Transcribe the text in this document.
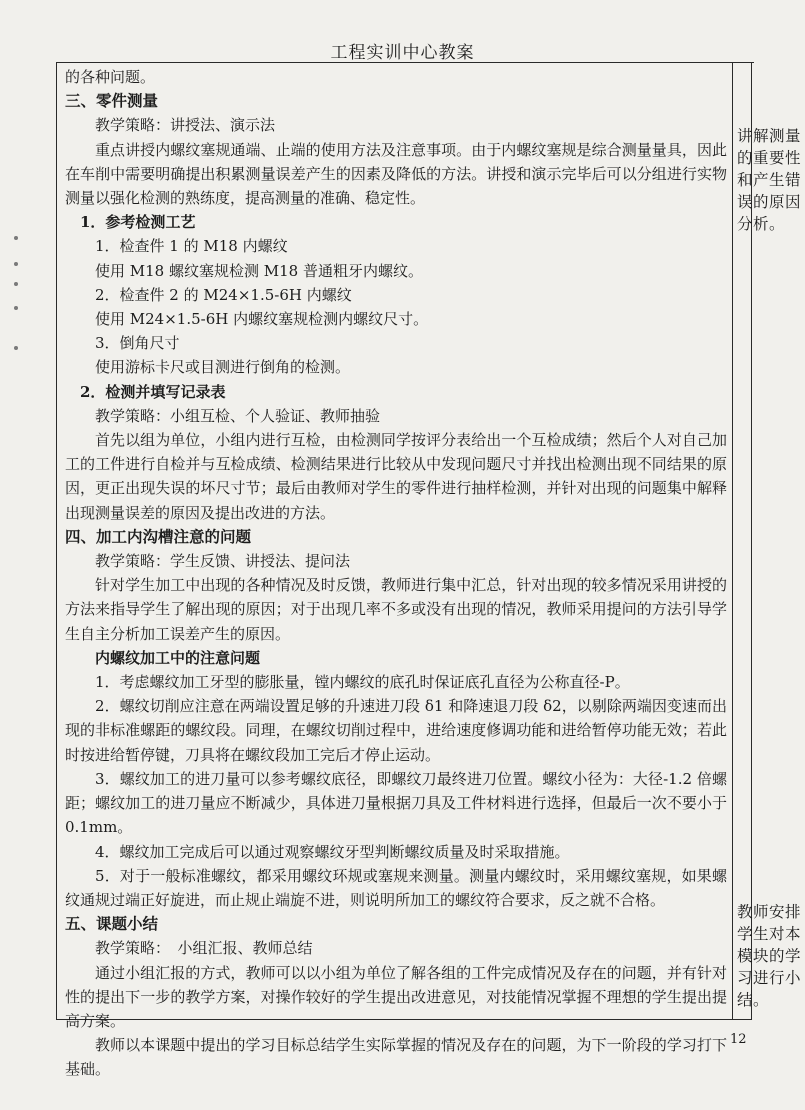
工程实训中心教案

的各种问题。

三、零件测量

教学策略：讲授法、演示法

重点讲授内螺纹塞规通端、止端的使用方法及注意事项。由于内螺纹塞规是综合测量量具，因此在车削中需要明确提出积累测量误差产生的因素及降低的方法。讲授和演示完毕后可以分组进行实物测量以强化检测的熟练度，提高测量的准确、稳定性。

1．参考检测工艺

1．检查件 1 的 M18 内螺纹

使用 M18 螺纹塞规检测 M18 普通粗牙内螺纹。

2．检查件 2 的 M24×1.5-6H 内螺纹

使用 M24×1.5-6H 内螺纹塞规检测内螺纹尺寸。

3．倒角尺寸

使用游标卡尺或目测进行倒角的检测。

2．检测并填写记录表

教学策略：小组互检、个人验证、教师抽验

首先以组为单位，小组内进行互检，由检测同学按评分表给出一个互检成绩；然后个人对自己加工的工件进行自检并与互检成绩、检测结果进行比较从中发现问题尺寸并找出检测出现不同结果的原因，更正出现失误的坏尺寸节；最后由教师对学生的零件进行抽样检测，并针对出现的问题集中解释出现测量误差的原因及提出改进的方法。

四、加工内沟槽注意的问题

教学策略：学生反馈、讲授法、提问法

针对学生加工中出现的各种情况及时反馈，教师进行集中汇总，针对出现的较多情况采用讲授的方法来指导学生了解出现的原因；对于出现几率不多或没有出现的情况，教师采用提问的方法引导学生自主分析加工误差产生的原因。

内螺纹加工中的注意问题

1．考虑螺纹加工牙型的膨胀量，镗内螺纹的底孔时保证底孔直径为公称直径-P。

2．螺纹切削应注意在两端设置足够的升速进刀段 δ1 和降速退刀段 δ2，以剔除两端因变速而出现的非标准螺距的螺纹段。同理，在螺纹切削过程中，进给速度修调功能和进给暂停功能无效；若此时按进给暂停键，刀具将在螺纹段加工完后才停止运动。

3．螺纹加工的进刀量可以参考螺纹底径，即螺纹刀最终进刀位置。螺纹小径为：大径-1.2 倍螺距；螺纹加工的进刀量应不断减少，具体进刀量根据刀具及工件材料进行选择，但最后一次不要小于 0.1mm。

4．螺纹加工完成后可以通过观察螺纹牙型判断螺纹质量及时采取措施。

5．对于一般标准螺纹，都采用螺纹环规或塞规来测量。测量内螺纹时，采用螺纹塞规，如果螺纹通规过端正好旋进，而止规止端旋不进，则说明所加工的螺纹符合要求，反之就不合格。

五、课题小结

教学策略：　小组汇报、教师总结

通过小组汇报的方式，教师可以以小组为单位了解各组的工件完成情况及存在的问题，并有针对性的提出下一步的教学方案，对操作较好的学生提出改进意见，对技能情况掌握不理想的学生提出提高方案。

教师以本课题中提出的学习目标总结学生实际掌握的情况及存在的问题，为下一阶段的学习打下基础。

讲解测量的重要性和产生错误的原因分析。
教师安排学生对本模块的学习进行小结。
12
